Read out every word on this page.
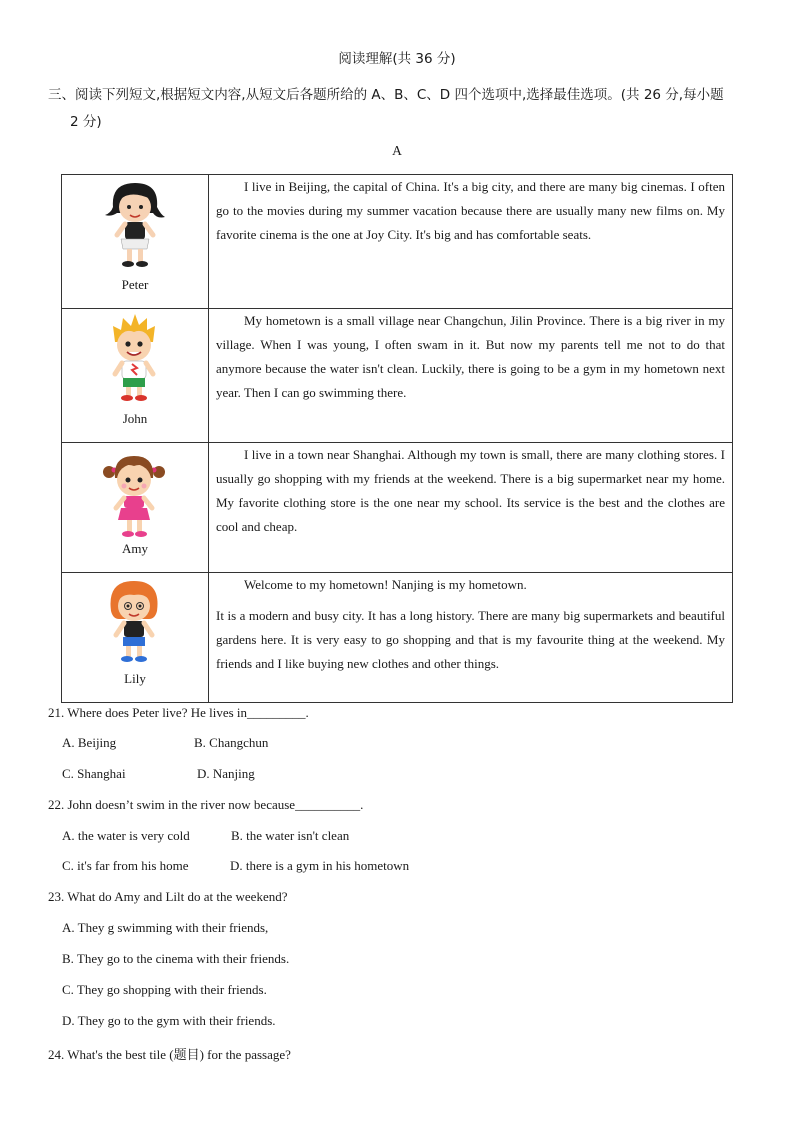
阅读理解(共 36 分)
三、阅读下列短文,根据短文内容,从短文后各题所给的 A、B、C、D 四个选项中,选择最佳选项。(共 26 分,每小题
2 分)
A
Peter	I live in Beijing, the capital of China. It's a big city, and there are many big cinemas. I often go to the movies during my summer vacation because there are usually many new films on. My favorite cinema is the one at Joy City. It's big and has comfortable seats.

John	My hometown is a small village near Changchun, Jilin Province. There is a big river in my village. When I was young, I often swam in it. But now my parents tell me not to do that anymore because the water isn't clean. Luckily, there is going to be a gym in my hometown next year. Then I can go swimming there.

Amy	I live in a town near Shanghai. Although my town is small, there are many clothing stores. I usually go shopping with my friends at the weekend. There is a big supermarket near my home. My favorite clothing store is the one near my school. Its service is the best and the clothes are cool and cheap.

Lily	Welcome to my hometown! Nanjing is my hometown.

It is a modern and busy city. It has a long history. There are many big supermarkets and beautiful gardens here. It is very easy to go shopping and that is my favourite thing at the weekend. My friends and I like buying new clothes and other things.

21. Where does Peter live? He lives in_________.
A. Beijing	B. Changchun
C. Shanghai	D. Nanjing
22. John doesn’t swim in the river now because__________.
A. the water is very cold	B. the water isn't clean
C. it's far from his home	D. there is a gym in his hometown
23. What do Amy and Lilt do at the weekend?
A. They g swimming with their friends,
B. They go to the cinema with their friends.
C. They go shopping with their friends.
D. They go to the gym with their friends.
24. What's the best tile (题目) for the passage?
